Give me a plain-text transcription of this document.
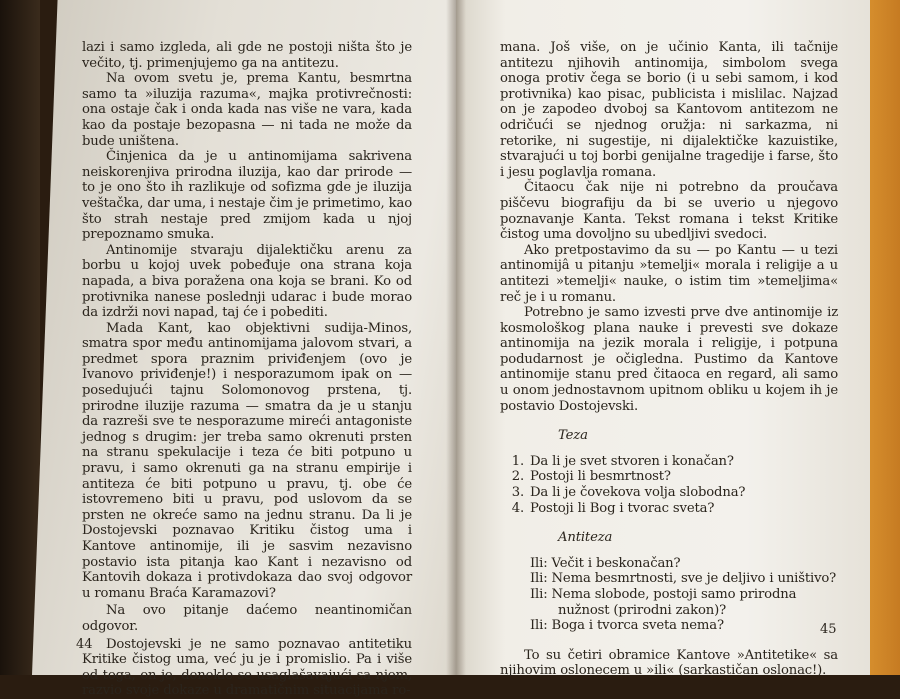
lazi i samo izgleda, ali gde ne postoji ništa što je večito, tj. primenjujemo ga na antitezu.

Na ovom svetu je, prema Kantu, besmrtna samo ta »iluzija razuma«, majka protivrečnosti: ona ostaje čak i onda kada nas više ne vara, kada kao da postaje bezopasna — ni tada ne može da bude uništena.

Činjenica da je u antinomijama sakrivena neiskorenjiva prirodna iluzija, kao dar prirode — to je ono što ih razlikuje od sofizma gde je iluzija veštačka, dar uma, i nestaje čim je primetimo, kao što strah nestaje pred zmijom kada u njoj prepoznamo smuka.

Antinomije stvaraju dijalektičku arenu za borbu u kojoj uvek pobeđuje ona strana koja napada, a biva poražena ona koja se brani. Ko od protivnika nanese poslednji udarac i bude morao da izdrži novi napad, taj će i pobediti.

Mada Kant, kao objektivni sudija-Minos, smatra spor među antinomijama jalovom stvari, a predmet spora praznim priviđenjem (ovo je Ivanovo priviđenje!) i nesporazumom ipak on — posedujući tajnu Solomonovog prstena, tj. prirodne iluzije razuma — smatra da je u stanju da razreši sve te nesporazume mireći antagoniste jednog s drugim: jer treba samo okrenuti prsten na stranu spekulacije i teza će biti potpuno u pravu, i samo okrenuti ga na stranu empirije i antiteza će biti potpuno u pravu, tj. obe će istovremeno biti u pravu, pod uslovom da se prsten ne okreće samo na jednu stranu. Da li je Dostojevski poznavao Kritiku čistog uma i Kantove antinomije, ili je sasvim nezavisno postavio ista pitanja kao Kant i nezavisno od Kantovih dokaza i protivdokaza dao svoj odgovor u romanu Braća Karamazovi?

Na ovo pitanje daćemo neantinomičan odgovor.

Dostojevski je ne samo poznavao antitetiku Kritike čistog uma, već ju je i promislio. Pa i više od toga, on je, donekle se usaglašavajući sa njom, razvio svoje dokaze u dramatičnim situacijama ro-

44

mana. Još više, on je učinio Kanta, ili tačnije antitezu njihovih antinomija, simbolom svega onoga protiv čega se borio (i u sebi samom, i kod protivnika) kao pisac, publicista i mislilac. Najzad on je zapodeo dvoboj sa Kantovom antitezom ne odričući se njednog oružja: ni sarkazma, ni retorike, ni sugestije, ni dijalektičke kazuistike, stvarajući u toj borbi genijalne tragedije i farse, što i jesu poglavlja romana.

Čitaocu čak nije ni potrebno da proučava piščevu biografiju da bi se uverio u njegovo poznavanje Kanta. Tekst romana i tekst Kritike čistog uma dovoljno su ubedljivi svedoci.

Ako pretpostavimo da su — po Kantu — u tezi antinomijâ u pitanju »temelji« morala i religije a u antitezi »temelji« nauke, o istim tim »temeljima« reč je i u romanu.

Potrebno je samo izvesti prve dve antinomije iz kosmološkog plana nauke i prevesti sve dokaze antinomija na jezik morala i religije, i potpuna podudarnost je očigledna. Pustimo da Kantove antinomije stanu pred čitaoca en regard, ali samo u onom jednostavnom upitnom obliku u kojem ih je postavio Dostojevski.

Teza
1. Da li je svet stvoren i konačan?
2. Postoji li besmrtnost?
3. Da li je čovekova volja slobodna?
4. Postoji li Bog i tvorac sveta?
Antiteza
Ili: Večit i beskonačan?
Ili: Nema besmrtnosti, sve je deljivo i uništivo?
Ili: Nema slobode, postoji samo prirodna nužnost (prirodni zakon)?
Ili: Boga i tvorca sveta nema?

To su četiri obramice Kantove »Antitetike« sa njihovim oslonecem u »ili« (sarkastičan oslonac!).

45
